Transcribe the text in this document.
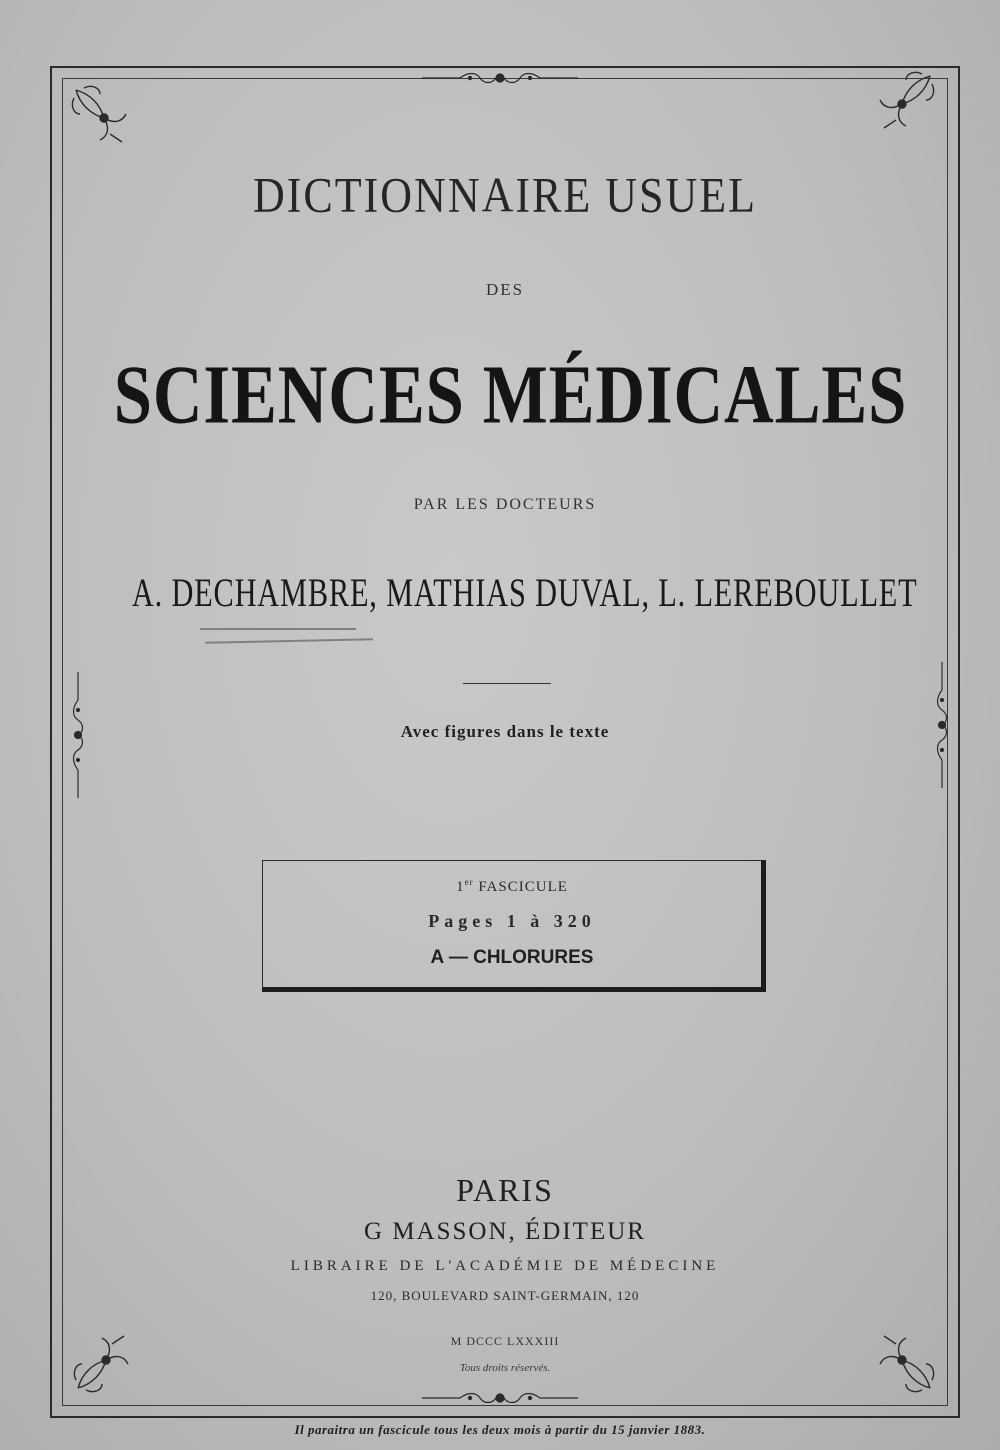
DICTIONNAIRE USUEL
DES
SCIENCES MÉDICALES
PAR LES DOCTEURS
A. DECHAMBRE, MATHIAS DUVAL, L. LEREBOULLET
Avec figures dans le texte
1er FASCICULE
Pages 1 à 320
A — CHLORURES
PARIS
G MASSON, ÉDITEUR
LIBRAIRE DE L'ACADÉMIE DE MÉDECINE
120, BOULEVARD SAINT-GERMAIN, 120
M DCCC LXXXIII
Tous droits réservés.
Il paraitra un fascicule tous les deux mois à partir du 15 janvier 1883.
